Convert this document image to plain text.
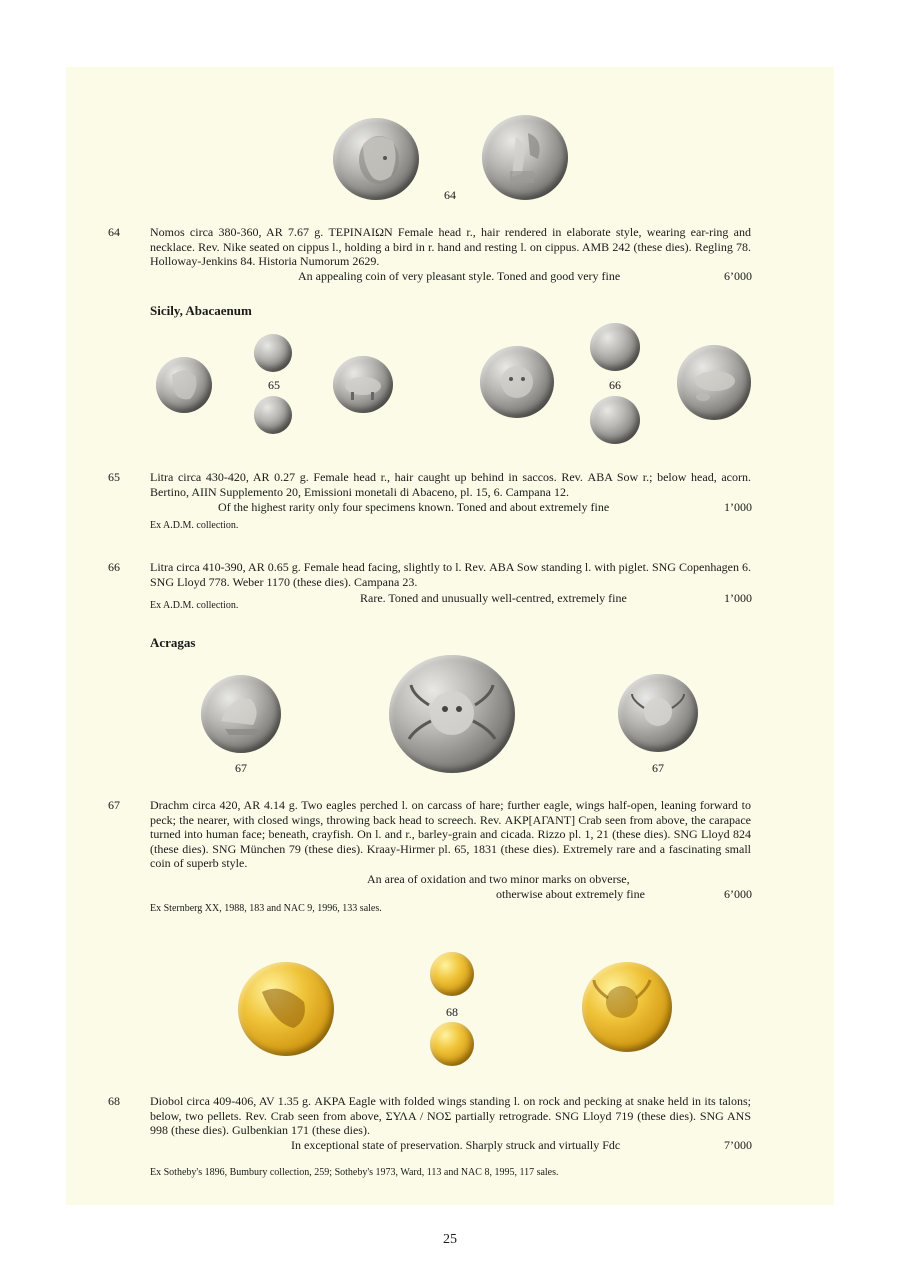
64
64	Nomos circa 380-360, AR 7.67 g. ΤΕΡΙΝΑΙΩΝ Female head r., hair rendered in elaborate style, wearing ear-ring and necklace. Rev. Nike seated on cippus l., holding a bird in r. hand and resting l. on cippus. AMB 242 (these dies). Regling 78. Holloway-Jenkins 84. Historia Numorum 2629.
An appealing coin of very pleasant style. Toned and good very fine	6’000
Sicily, Abacaenum
65	66
65	Litra circa 430-420, AR 0.27 g. Female head r., hair caught up behind in saccos. Rev. ΑΒΑ Sow r.; below head, acorn. Bertino, AIIN Supplemento 20, Emissioni monetali di Abaceno, pl. 15, 6. Campana 12.
Of the highest rarity only four specimens known. Toned and about extremely fine	1’000
Ex A.D.M. collection.
66	Litra circa 410-390, AR 0.65 g. Female head facing, slightly to l. Rev. ΑΒΑ Sow standing l. with piglet. SNG Copenhagen 6. SNG Lloyd 778. Weber 1170 (these dies). Campana 23.
Rare. Toned and unusually well-centred, extremely fine	1’000
Ex A.D.M. collection.
Acragas
67	67
67	Drachm circa 420, AR 4.14 g. Two eagles perched l. on carcass of hare; further eagle, wings half-open, leaning forward to peck; the nearer, with closed wings, throwing back head to screech. Rev. ΑΚΡ[ΑΓΑΝΤ] Crab seen from above, the carapace turned into human face; beneath, crayfish. On l. and r., barley-grain and cicada. Rizzo pl. 1, 21 (these dies). SNG Lloyd 824 (these dies). SNG München 79 (these dies). Kraay-Hirmer pl. 65, 1831 (these dies). Extremely rare and a fascinating small coin of superb style.
An area of oxidation and two minor marks on obverse,
otherwise about extremely fine	6’000
Ex Sternberg XX, 1988, 183 and NAC 9, 1996, 133 sales.
68
68	Diobol circa 409-406, AV 1.35 g. ΑΚΡΑ Eagle with folded wings standing l. on rock and pecking at snake held in its talons; below, two pellets. Rev. Crab seen from above, ΣΥΛΑ / ΝΟΣ partially retrograde. SNG Lloyd 719 (these dies). SNG ANS 998 (these dies). Gulbenkian 171 (these dies).
In exceptional state of preservation. Sharply struck and virtually Fdc	7’000
Ex Sotheby's 1896, Bumbury collection, 259; Sotheby's 1973, Ward, 113 and NAC 8, 1995, 117 sales.
25
